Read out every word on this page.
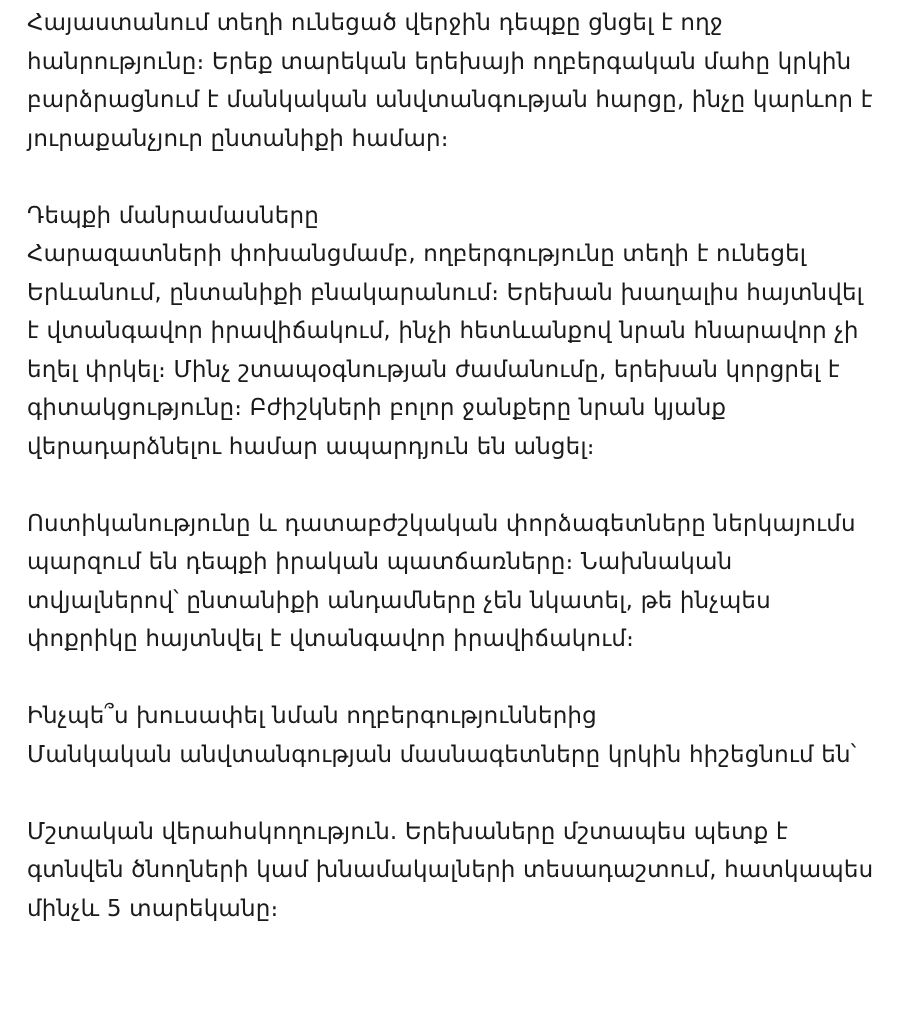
Հայաստանում տեղի ունեցած վերջին դեպքը ցնցել է ողջ
հանրությունը։ Երեք տարեկան երեխայի ողբերգական մահը կրկին
բարձրացնում է մանկական անվտանգության հարցը, ինչը կարևոր է
յուրաքանչյուր ընտանիքի համար։
Դեպքի մանրամասները
Հարազատների փոխանցմամբ, ողբերգությունը տեղի է ունեցել
Երևանում, ընտանիքի բնակարանում։ Երեխան խաղալիս հայտնվել
է վտանգավոր իրավիճակում, ինչի հետևանքով նրան հնարավոր չի
եղել փրկել։ Մինչ շտապօգնության ժամանումը, երեխան կորցրել է
գիտակցությունը։ Բժիշկների բոլոր ջանքերը նրան կյանք
վերադարձնելու համար ապարդյուն են անցել։
Ոստիկանությունը և դատաբժշկական փորձագետները ներկայումս
պարզում են դեպքի իրական պատճառները։ Նախնական
տվյալներով՝ ընտանիքի անդամները չեն նկատել, թե ինչպես
փոքրիկը հայտնվել է վտանգավոր իրավիճակում։
Ինչպե՞ս խուսափել նման ողբերգություններից
Մանկական անվտանգության մասնագետները կրկին հիշեցնում են՝
Մշտական վերահսկողություն. Երեխաները մշտապես պետք է
գտնվեն ծնողների կամ խնամակալների տեսադաշտում, հատկապես
մինչև 5 տարեկանը։
